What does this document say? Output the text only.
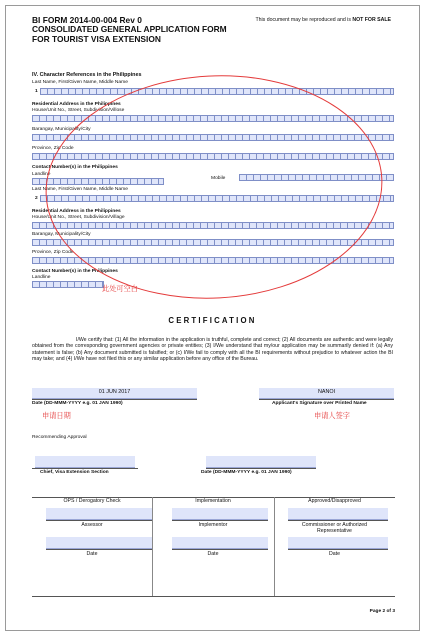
BI FORM 2014-00-004 Rev 0
CONSOLIDATED GENERAL APPLICATION FORM
FOR TOURIST VISA EXTENSION
This document may be reproduced and is NOT FOR SALE
IV. Character References in the Philippines
Last Name, First/Given Name, Middle Name
1
Residential Address in the Philippines
House/Unit No., Street, Subdivision/Villose
Barangay, Municipality/City
Province, Zip Code
Contact Number(s) in the Philippines
Landline
Mobile
Last Name, First/Given Name, Middle Name
2
Residential Address in the Philippines
House/Unit No., Street, Subdivision/Village
Barangay, Municipality/City
Province, Zip Code
Contact Number(s) in the Philippines
Landline
此处可空白
CERTIFICATION
I/We certify that: (1) All the information in the application is truthful, complete and correct; (2) All documents are authentic and were legally obtained from the corresponding government agencies or private entities; (3) I/We understand that my/our application may be summarily denied if: (a) Any statement is false; (b) Any document submitted is falsified; or (c) I/We fail to comply with all the BI requirements without prejudice to whatever action the BI may take; and (4) I/We have not filed this or any similar application before any office of the Bureau.
01 JUN 2017
Date (DD-MMM-YYYY e.g. 01 JAN 1990)
申请日期
NANOI
Applicant's Signature over Printed Name
申请人签字
Recommending Approval
Chief, Visa Extension Section	Date (DD-MMM-YYYY e.g. 01 JAN 1990)
OPS / Derogatory Check	Implementation	Approved/Disapproved
Assessor	Implementor	Commissioner or Authorized
Representative
Date	Date	Date
Page 2 of 3
